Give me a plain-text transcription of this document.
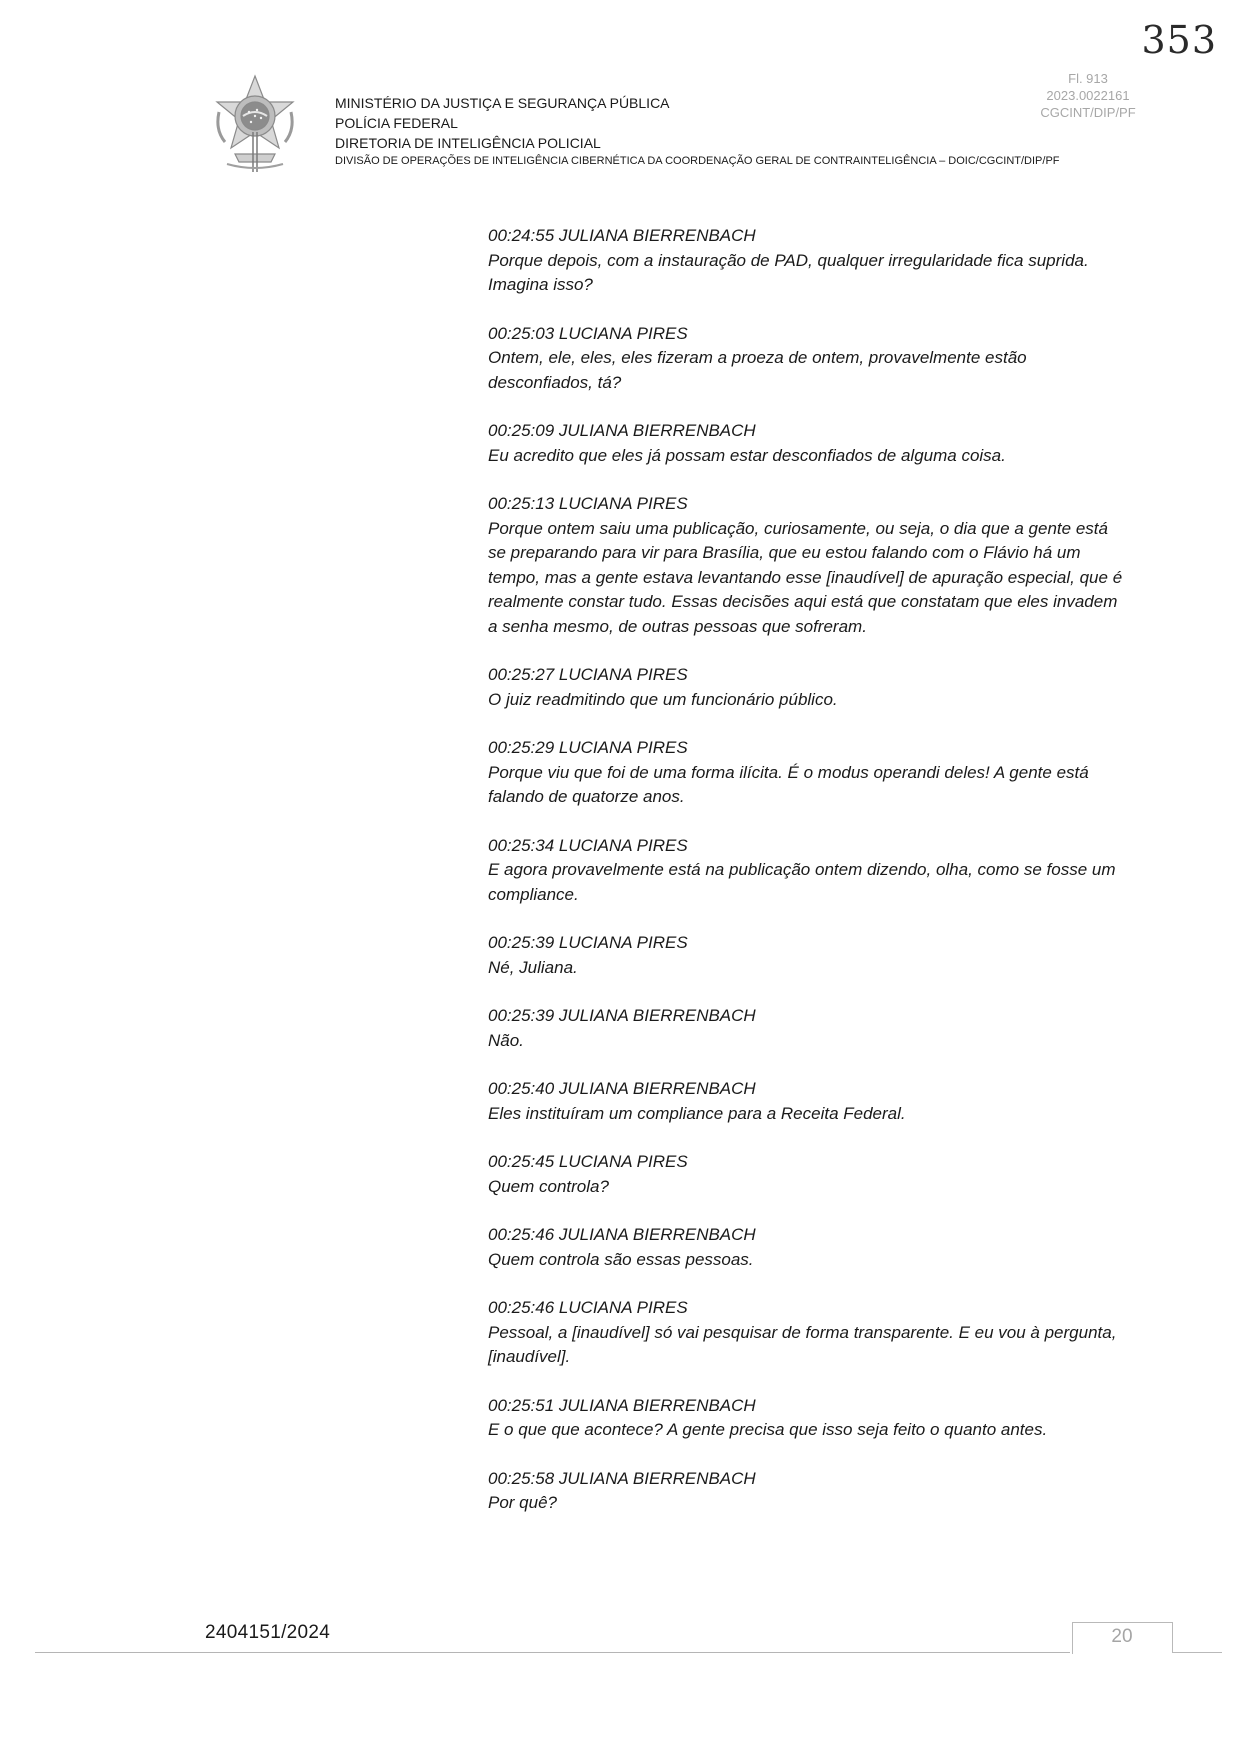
353
Fl. 913
2023.0022161
CGCINT/DIP/PF
MINISTÉRIO DA JUSTIÇA E SEGURANÇA PÚBLICA
POLÍCIA FEDERAL
DIRETORIA DE INTELIGÊNCIA POLICIAL
DIVISÃO DE OPERAÇÕES DE INTELIGÊNCIA CIBERNÉTICA DA COORDENAÇÃO GERAL DE CONTRAINTELIGÊNCIA – DOIC/CGCINT/DIP/PF
00:24:55 JULIANA BIERRENBACH
Porque depois, com a instauração de PAD, qualquer irregularidade fica suprida. Imagina isso?
00:25:03 LUCIANA PIRES
Ontem, ele, eles, eles fizeram a proeza de ontem, provavelmente estão desconfiados, tá?
00:25:09 JULIANA BIERRENBACH
Eu acredito que eles já possam estar desconfiados de alguma coisa.
00:25:13 LUCIANA PIRES
Porque ontem saiu uma publicação, curiosamente, ou seja, o dia que a gente está se preparando para vir para Brasília, que eu estou falando com o Flávio há um tempo, mas a gente estava levantando esse [inaudível] de apuração especial, que é realmente constar tudo. Essas decisões aqui está que constatam que eles invadem a senha mesmo, de outras pessoas que sofreram.
00:25:27 LUCIANA PIRES
O juiz readmitindo que um funcionário público.
00:25:29 LUCIANA PIRES
Porque viu que foi de uma forma ilícita. É o modus operandi deles! A gente está falando de quatorze anos.
00:25:34 LUCIANA PIRES
E agora provavelmente está na publicação ontem dizendo, olha, como se fosse um compliance.
00:25:39 LUCIANA PIRES
Né, Juliana.
00:25:39 JULIANA BIERRENBACH
Não.
00:25:40 JULIANA BIERRENBACH
Eles instituíram um compliance para a Receita Federal.
00:25:45 LUCIANA PIRES
Quem controla?
00:25:46 JULIANA BIERRENBACH
Quem controla são essas pessoas.
00:25:46 LUCIANA PIRES
Pessoal, a [inaudível] só vai pesquisar de forma transparente. E eu vou à pergunta, [inaudível].
00:25:51 JULIANA BIERRENBACH
E o que que acontece? A gente precisa que isso seja feito o quanto antes.
00:25:58 JULIANA BIERRENBACH
Por quê?
2404151/2024	20
